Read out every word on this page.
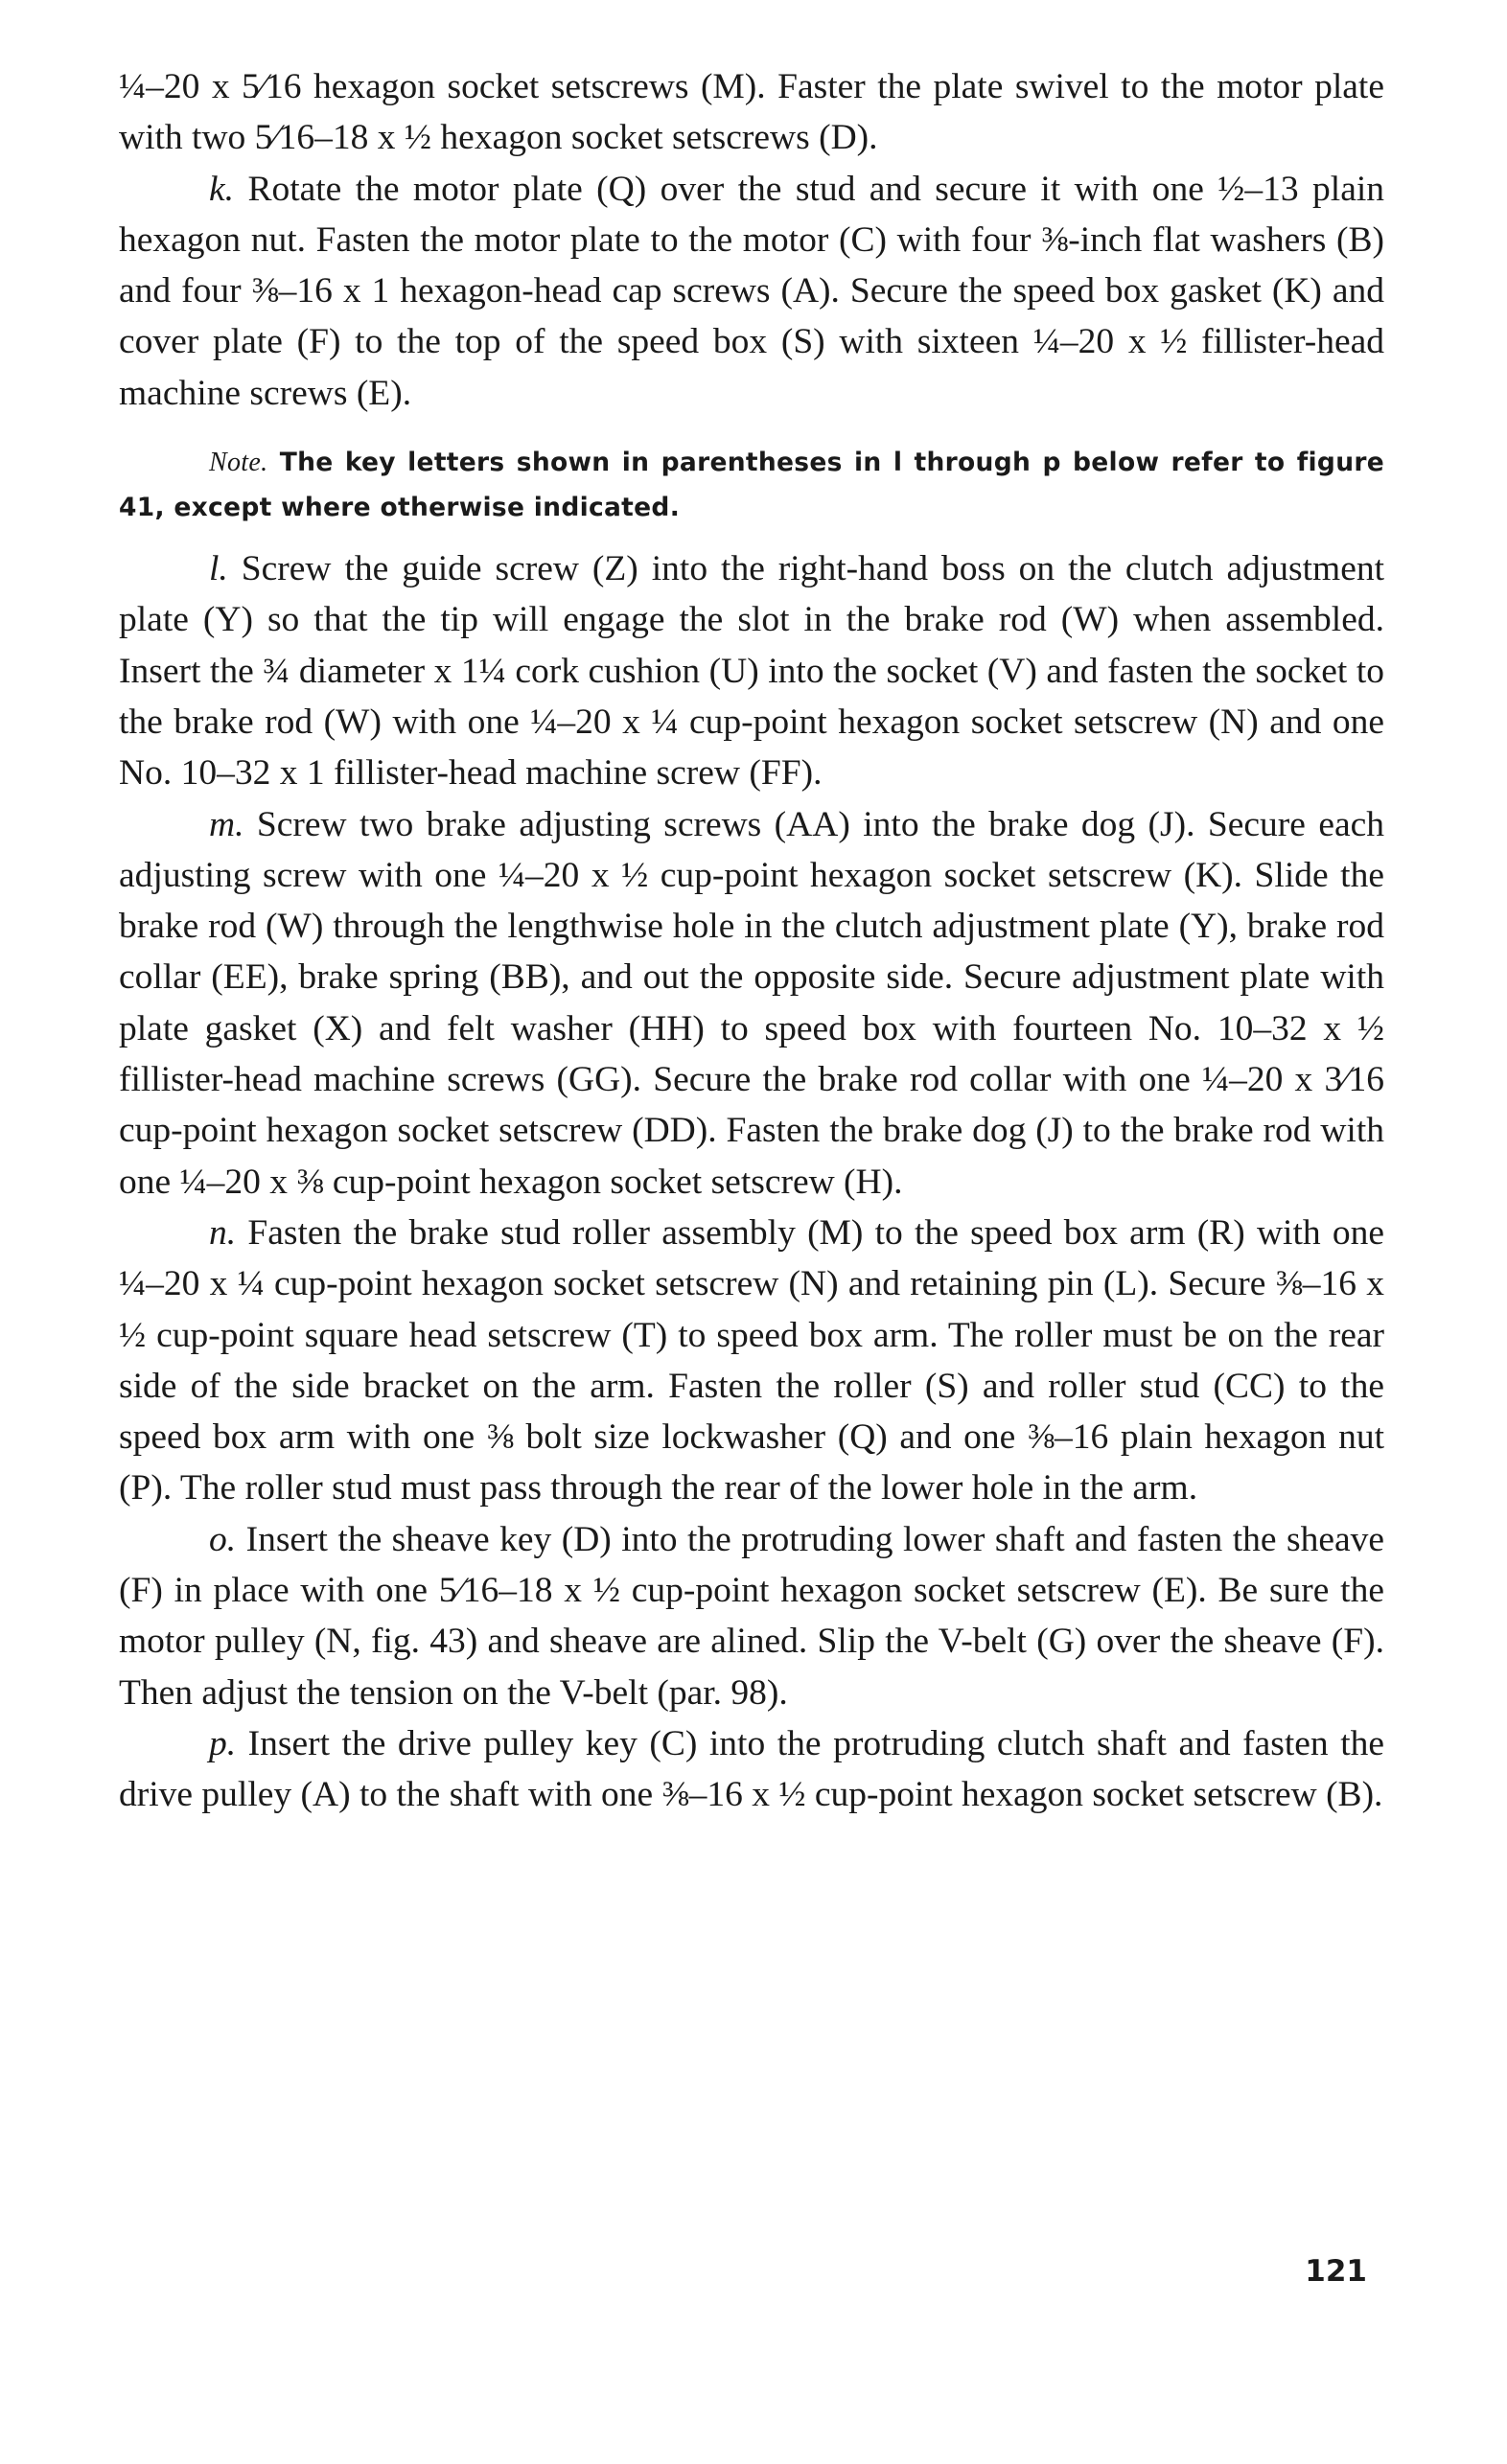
¼–20 x 5⁄16 hexagon socket setscrews (M). Faster the plate swivel to the motor plate with two 5⁄16–18 x ½ hexagon socket setscrews (D).

k. Rotate the motor plate (Q) over the stud and secure it with one ½–13 plain hexagon nut. Fasten the motor plate to the motor (C) with four ⅜-inch flat washers (B) and four ⅜–16 x 1 hexagon-head cap screws (A). Secure the speed box gasket (K) and cover plate (F) to the top of the speed box (S) with sixteen ¼–20 x ½ fillister-head machine screws (E).

Note. The key letters shown in parentheses in l through p below refer to figure 41, except where otherwise indicated.

l. Screw the guide screw (Z) into the right-hand boss on the clutch adjustment plate (Y) so that the tip will engage the slot in the brake rod (W) when assembled. Insert the ¾ diameter x 1¼ cork cushion (U) into the socket (V) and fasten the socket to the brake rod (W) with one ¼–20 x ¼ cup-point hexagon socket setscrew (N) and one No. 10–32 x 1 fillister-head machine screw (FF).

m. Screw two brake adjusting screws (AA) into the brake dog (J). Secure each adjusting screw with one ¼–20 x ½ cup-point hexagon socket setscrew (K). Slide the brake rod (W) through the lengthwise hole in the clutch adjustment plate (Y), brake rod collar (EE), brake spring (BB), and out the opposite side. Secure adjustment plate with plate gasket (X) and felt washer (HH) to speed box with fourteen No. 10–32 x ½ fillister-head machine screws (GG). Secure the brake rod collar with one ¼–20 x 3⁄16 cup-point hexagon socket setscrew (DD). Fasten the brake dog (J) to the brake rod with one ¼–20 x ⅜ cup-point hexagon socket setscrew (H).

n. Fasten the brake stud roller assembly (M) to the speed box arm (R) with one ¼–20 x ¼ cup-point hexagon socket setscrew (N) and retaining pin (L). Secure ⅜–16 x ½ cup-point square head setscrew (T) to speed box arm. The roller must be on the rear side of the side bracket on the arm. Fasten the roller (S) and roller stud (CC) to the speed box arm with one ⅜ bolt size lockwasher (Q) and one ⅜–16 plain hexagon nut (P). The roller stud must pass through the rear of the lower hole in the arm.

o. Insert the sheave key (D) into the protruding lower shaft and fasten the sheave (F) in place with one 5⁄16–18 x ½ cup-point hexagon socket setscrew (E). Be sure the motor pulley (N, fig. 43) and sheave are alined. Slip the V-belt (G) over the sheave (F). Then adjust the tension on the V-belt (par. 98).

p. Insert the drive pulley key (C) into the protruding clutch shaft and fasten the drive pulley (A) to the shaft with one ⅜–16 x ½ cup-point hexagon socket setscrew (B).

121
